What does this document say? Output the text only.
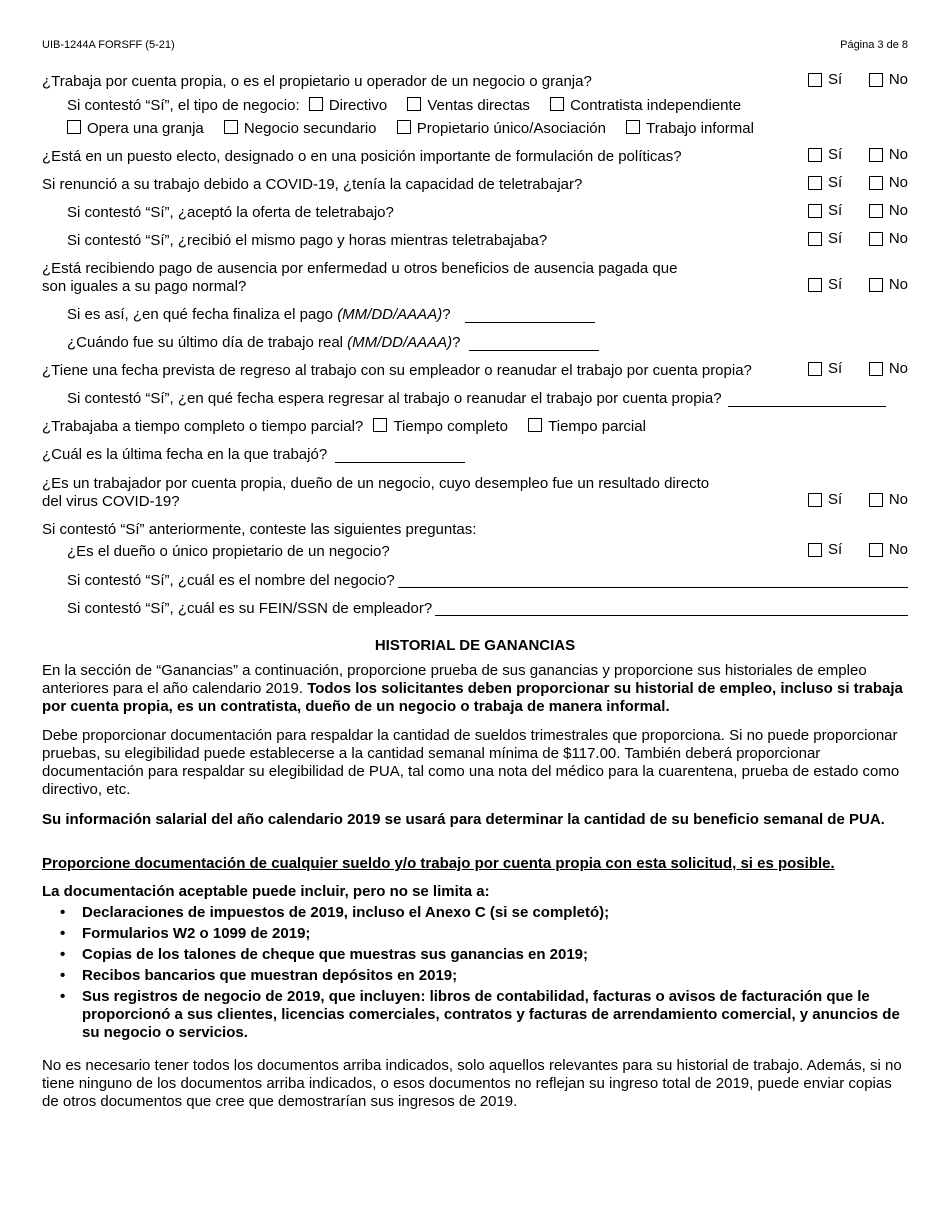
UIB-1244A FORSFF (5-21)	Página 3 de 8
¿Trabaja por cuenta propia, o es el propietario u operador de un negocio o granja?	Sí	No
Si contestó “Sí”, el tipo de negocio: Directivo	Ventas directas	Contratista independiente
Opera una granja	Negocio secundario	Propietario único/Asociación	Trabajo informal
¿Está en un puesto electo, designado o en una posición importante de formulación de políticas?	Sí	No
Si renunció a su trabajo debido a COVID-19, ¿tenía la capacidad de teletrabajar?	Sí	No
Si contestó “Sí”, ¿aceptó la oferta de teletrabajo?	Sí	No
Si contestó “Sí”, ¿recibió el mismo pago y horas mientras teletrabajaba?	Sí	No
¿Está recibiendo pago de ausencia por enfermedad u otros beneficios de ausencia pagada que
son iguales a su pago normal?	Sí	No
Si es así, ¿en qué fecha finaliza el pago (MM/DD/AAAA)?
¿Cuándo fue su último día de trabajo real (MM/DD/AAAA)?
¿Tiene una fecha prevista de regreso al trabajo con su empleador o reanudar el trabajo por cuenta propia?	Sí	No
Si contestó “Sí”, ¿en qué fecha espera regresar al trabajo o reanudar el trabajo por cuenta propia?
¿Trabajaba a tiempo completo o tiempo parcial? Tiempo completo	Tiempo parcial
¿Cuál es la última fecha en la que trabajó?
¿Es un trabajador por cuenta propia, dueño de un negocio, cuyo desempleo fue un resultado directo
del virus COVID-19?	Sí	No
Si contestó “Sí” anteriormente, conteste las siguientes preguntas:
¿Es el dueño o único propietario de un negocio?	Sí	No
Si contestó “Sí”, ¿cuál es el nombre del negocio?
Si contestó “Sí”, ¿cuál es su FEIN/SSN de empleador?
HISTORIAL DE GANANCIAS
En la sección de “Ganancias” a continuación, proporcione prueba de sus ganancias y proporcione sus historiales de empleo anteriores para el año calendario 2019. Todos los solicitantes deben proporcionar su historial de empleo, incluso si trabaja por cuenta propia, es un contratista, dueño de un negocio o trabaja de manera informal.
Debe proporcionar documentación para respaldar la cantidad de sueldos trimestrales que proporciona. Si no puede proporcionar pruebas, su elegibilidad puede establecerse a la cantidad semanal mínima de $117.00. También deberá proporcionar documentación para respaldar su elegibilidad de PUA, tal como una nota del médico para la cuarentena, prueba de estado como directivo, etc.
Su información salarial del año calendario 2019 se usará para determinar la cantidad de su beneficio semanal de PUA.
Proporcione documentación de cualquier sueldo y/o trabajo por cuenta propia con esta solicitud, si es posible.
La documentación aceptable puede incluir, pero no se limita a:
• Declaraciones de impuestos de 2019, incluso el Anexo C (si se completó);
• Formularios W2 o 1099 de 2019;
• Copias de los talones de cheque que muestras sus ganancias en 2019;
• Recibos bancarios que muestran depósitos en 2019;
• Sus registros de negocio de 2019, que incluyen: libros de contabilidad, facturas o avisos de facturación que le proporcionó a sus clientes, licencias comerciales, contratos y facturas de arrendamiento comercial, y anuncios de su negocio o servicios.
No es necesario tener todos los documentos arriba indicados, solo aquellos relevantes para su historial de trabajo. Además, si no tiene ninguno de los documentos arriba indicados, o esos documentos no reflejan su ingreso total de 2019, puede enviar copias de otros documentos que cree que demostrarían sus ingresos de 2019.
